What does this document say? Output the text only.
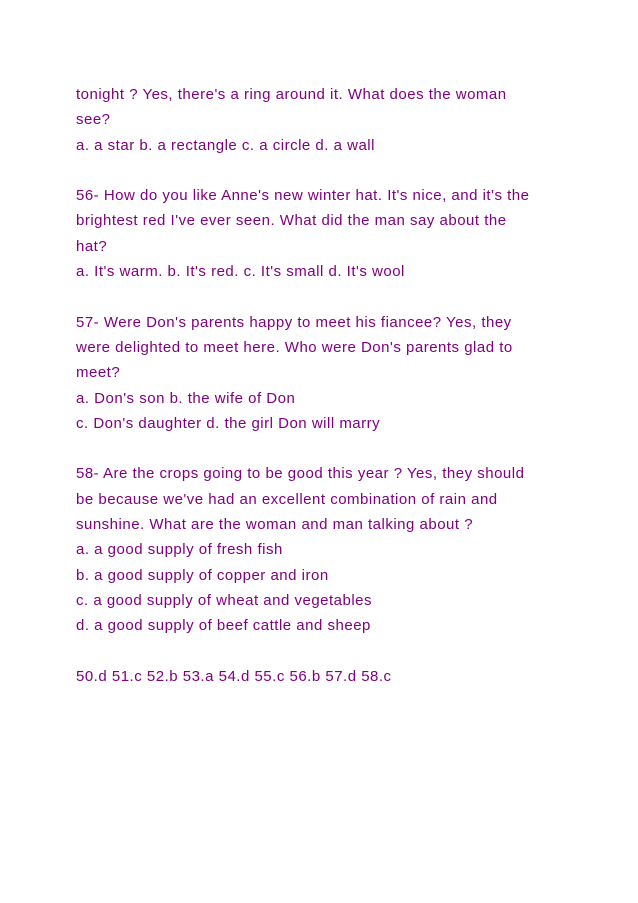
tonight ? Yes, there's a ring around it. What does the woman

see?

a. a star b. a rectangle c. a circle d. a wall

56- How do you like Anne's new winter hat. It's nice, and it's the

brightest red I've ever seen. What did the man say about the

hat?

a. It's warm. b. It's red. c. It's small d. It's wool

57- Were Don's parents happy to meet his fiancee? Yes, they

were delighted to meet here. Who were Don's parents glad to

meet?

a. Don's son b. the wife of Don

c. Don's daughter d. the girl Don will marry

58- Are the crops going to be good this year ? Yes, they should

be because we've had an excellent combination of rain and

sunshine. What are the woman and man talking about ?

a. a good supply of fresh fish

b. a good supply of copper and iron

c. a good supply of wheat and vegetables

d. a good supply of beef cattle and sheep

50.d 51.c 52.b 53.a 54.d 55.c 56.b 57.d 58.c
